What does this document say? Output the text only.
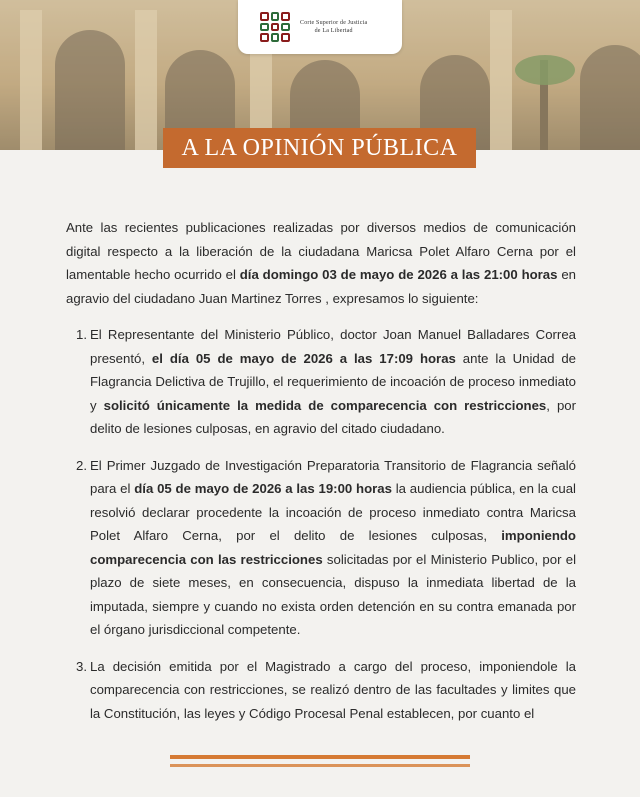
Corte Superior de Justicia
de La Libertad
A LA OPINIÓN PÚBLICA

Ante las recientes publicaciones realizadas por diversos medios de comunicación digital respecto a la liberación de la ciudadana Maricsa Polet Alfaro Cerna por el lamentable hecho ocurrido el día domingo 03 de mayo de 2026 a las 21:00 horas en agravio del ciudadano Juan Martinez Torres , expresamos lo siguiente:

1. El Representante del Ministerio Público, doctor Joan Manuel Balladares Correa presentó, el día 05 de mayo de 2026 a las 17:09 horas ante la Unidad de Flagrancia Delictiva de Trujillo, el requerimiento de incoación de proceso inmediato y solicitó únicamente la medida de comparecencia con restricciones, por delito de lesiones culposas, en agravio del citado ciudadano.

2. El Primer Juzgado de Investigación Preparatoria Transitorio de Flagrancia señaló para el día 05 de mayo de 2026 a las 19:00 horas la audiencia pública, en la cual resolvió declarar procedente la incoación de proceso inmediato contra Maricsa Polet Alfaro Cerna, por el delito de lesiones culposas, imponiendo comparecencia con las restricciones solicitadas por el Ministerio Publico, por el plazo de siete meses, en consecuencia, dispuso la inmediata libertad de la imputada, siempre y cuando no exista orden detención en su contra emanada por el órgano jurisdiccional competente.

3. La decisión emitida por el Magistrado a cargo del proceso, imponiendole la comparecencia con restricciones, se realizó dentro de las facultades y limites que la Constitución, las leyes y Código Procesal Penal establecen, por cuanto el
